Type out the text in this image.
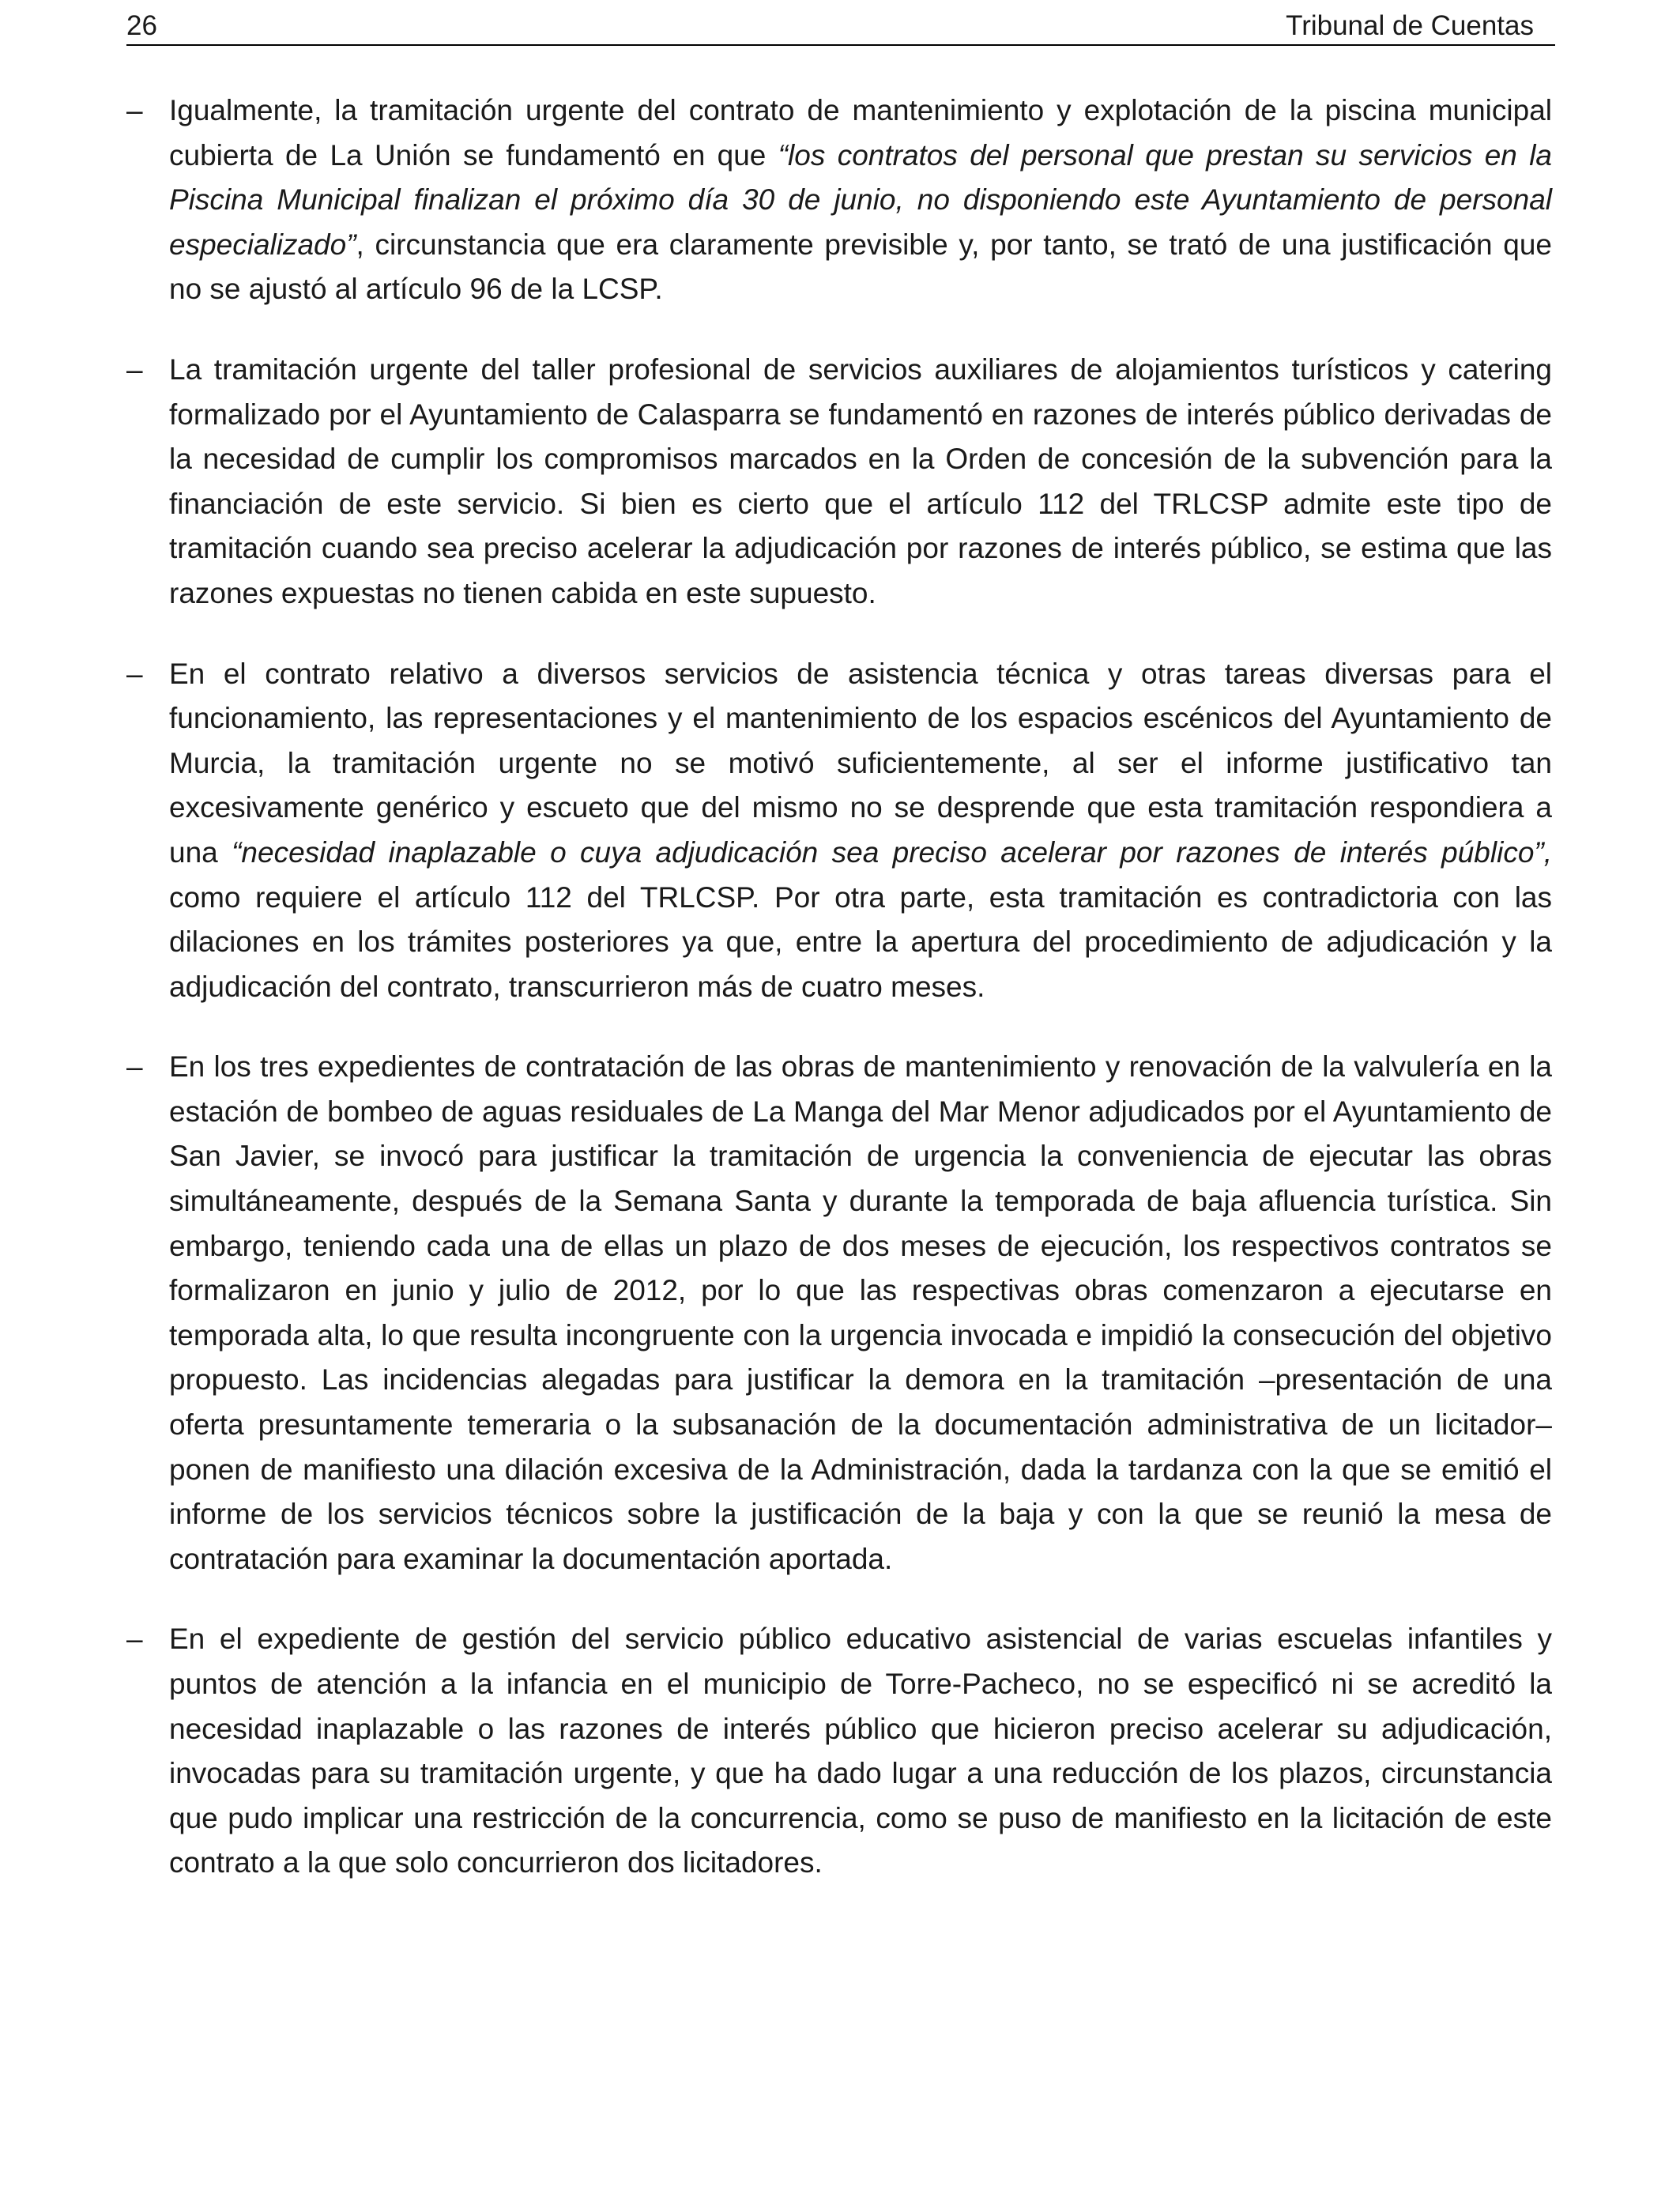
26	Tribunal de Cuentas
– Igualmente, la tramitación urgente del contrato de mantenimiento y explotación de la piscina municipal cubierta de La Unión se fundamentó en que “los contratos del personal que prestan su servicios en la Piscina Municipal finalizan el próximo día 30 de junio, no disponiendo este Ayuntamiento de personal especializado”, circunstancia que era claramente previsible y, por tanto, se trató de una justificación que no se ajustó al artículo 96 de la LCSP.

– La tramitación urgente del taller profesional de servicios auxiliares de alojamientos turísticos y catering formalizado por el Ayuntamiento de Calasparra se fundamentó en razones de interés público derivadas de la necesidad de cumplir los compromisos marcados en la Orden de concesión de la subvención para la financiación de este servicio. Si bien es cierto que el artículo 112 del TRLCSP admite este tipo de tramitación cuando sea preciso acelerar la adjudicación por razones de interés público, se estima que las razones expuestas no tienen cabida en este supuesto.

– En el contrato relativo a diversos servicios de asistencia técnica y otras tareas diversas para el funcionamiento, las representaciones y el mantenimiento de los espacios escénicos del Ayuntamiento de Murcia, la tramitación urgente no se motivó suficientemente, al ser el informe justificativo tan excesivamente genérico y escueto que del mismo no se desprende que esta tramitación respondiera a una “necesidad inaplazable o cuya adjudicación sea preciso acelerar por razones de interés público”, como requiere el artículo 112 del TRLCSP. Por otra parte, esta tramitación es contradictoria con las dilaciones en los trámites posteriores ya que, entre la apertura del procedimiento de adjudicación y la adjudicación del contrato, transcurrieron más de cuatro meses.

– En los tres expedientes de contratación de las obras de mantenimiento y renovación de la valvulería en la estación de bombeo de aguas residuales de La Manga del Mar Menor adjudicados por el Ayuntamiento de San Javier, se invocó para justificar la tramitación de urgencia la conveniencia de ejecutar las obras simultáneamente, después de la Semana Santa y durante la temporada de baja afluencia turística. Sin embargo, teniendo cada una de ellas un plazo de dos meses de ejecución, los respectivos contratos se formalizaron en junio y julio de 2012, por lo que las respectivas obras comenzaron a ejecutarse en temporada alta, lo que resulta incongruente con la urgencia invocada e impidió la consecución del objetivo propuesto. Las incidencias alegadas para justificar la demora en la tramitación –presentación de una oferta presuntamente temeraria o la subsanación de la documentación administrativa de un licitador– ponen de manifiesto una dilación excesiva de la Administración, dada la tardanza con la que se emitió el informe de los servicios técnicos sobre la justificación de la baja y con la que se reunió la mesa de contratación para examinar la documentación aportada.

– En el expediente de gestión del servicio público educativo asistencial de varias escuelas infantiles y puntos de atención a la infancia en el municipio de Torre-Pacheco, no se especificó ni se acreditó la necesidad inaplazable o las razones de interés público que hicieron preciso acelerar su adjudicación, invocadas para su tramitación urgente, y que ha dado lugar a una reducción de los plazos, circunstancia que pudo implicar una restricción de la concurrencia, como se puso de manifiesto en la licitación de este contrato a la que solo concurrieron dos licitadores.
